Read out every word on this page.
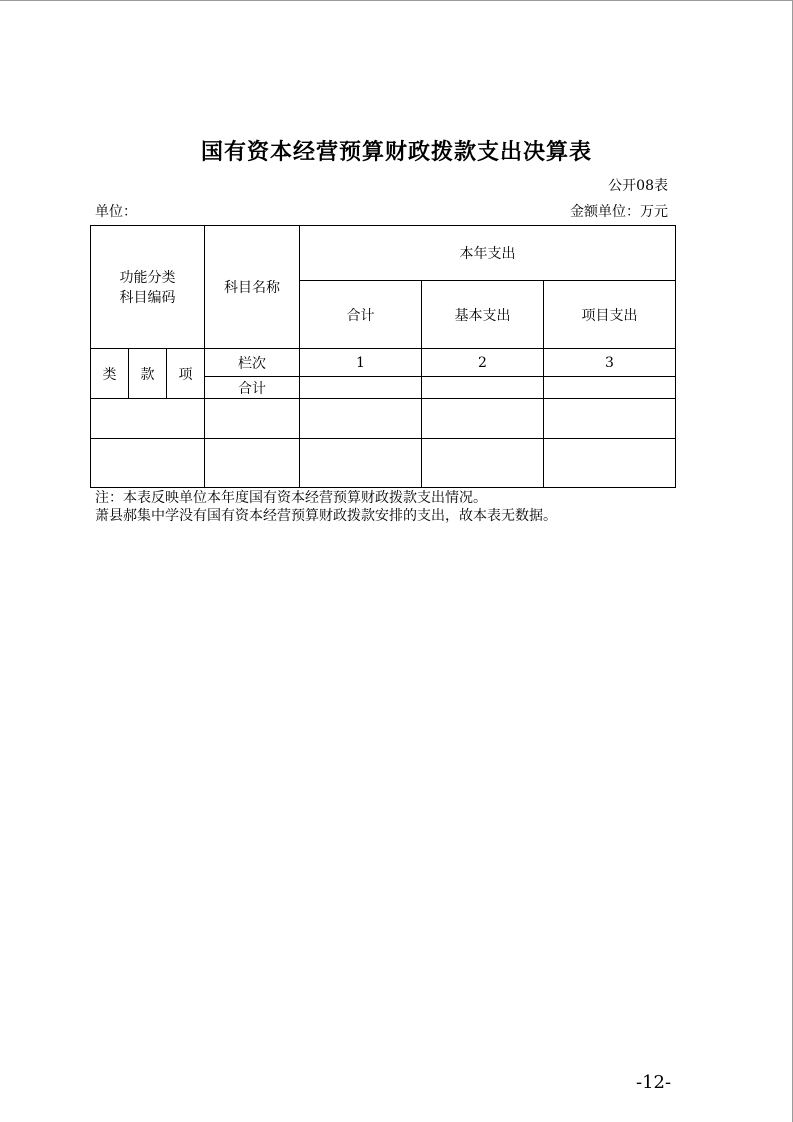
国有资本经营预算财政拨款支出决算表
公开08表
单位：	金额单位：万元
功能分类
科目编码			科目名称	本年支出		
				合计	基本支出	项目支出
类	款	项	栏次	1	2	3
			合计			

注：本表反映单位本年度国有资本经营预算财政拨款支出情况。
萧县郝集中学没有国有资本经营预算财政拨款安排的支出，故本表无数据。
-12-
